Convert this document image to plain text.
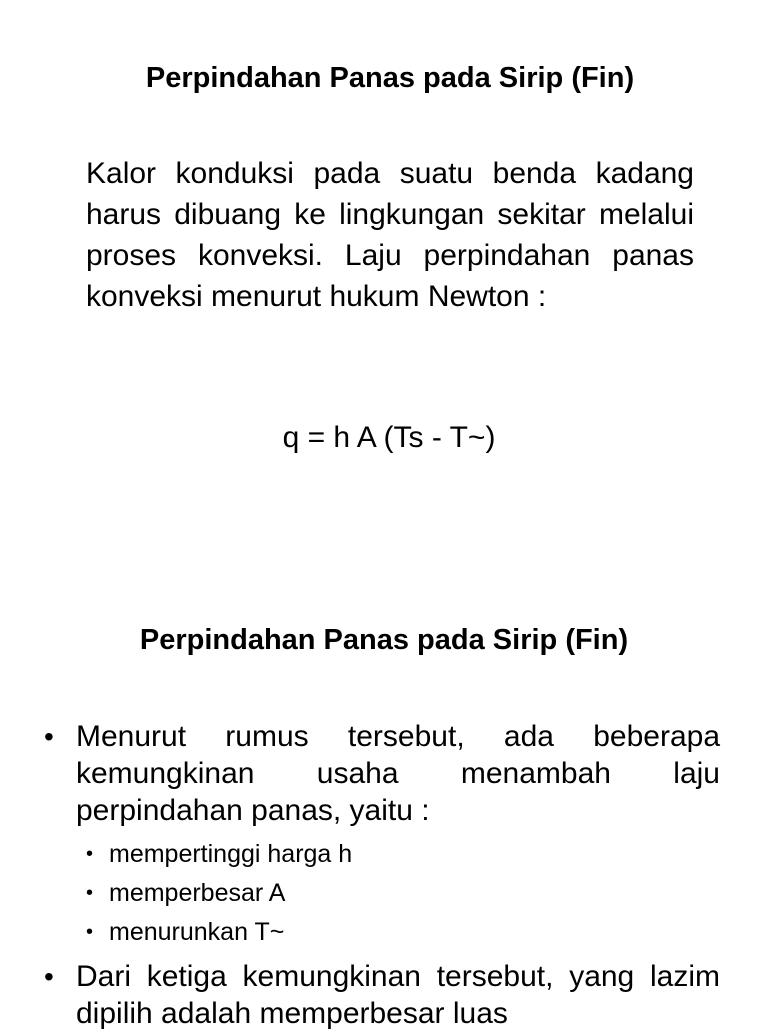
Perpindahan Panas pada Sirip (Fin)
Kalor konduksi pada suatu benda kadang harus dibuang ke lingkungan sekitar melalui proses konveksi. Laju perpindahan panas konveksi menurut hukum Newton :
q = h A (Ts - T~)
Perpindahan Panas pada Sirip (Fin)
• Menurut rumus tersebut, ada beberapa kemungkinan usaha menambah laju perpindahan panas, yaitu :
• mempertinggi harga h
• memperbesar A
• menurunkan T~
• Dari ketiga kemungkinan tersebut, yang lazim dipilih adalah memperbesar luas
